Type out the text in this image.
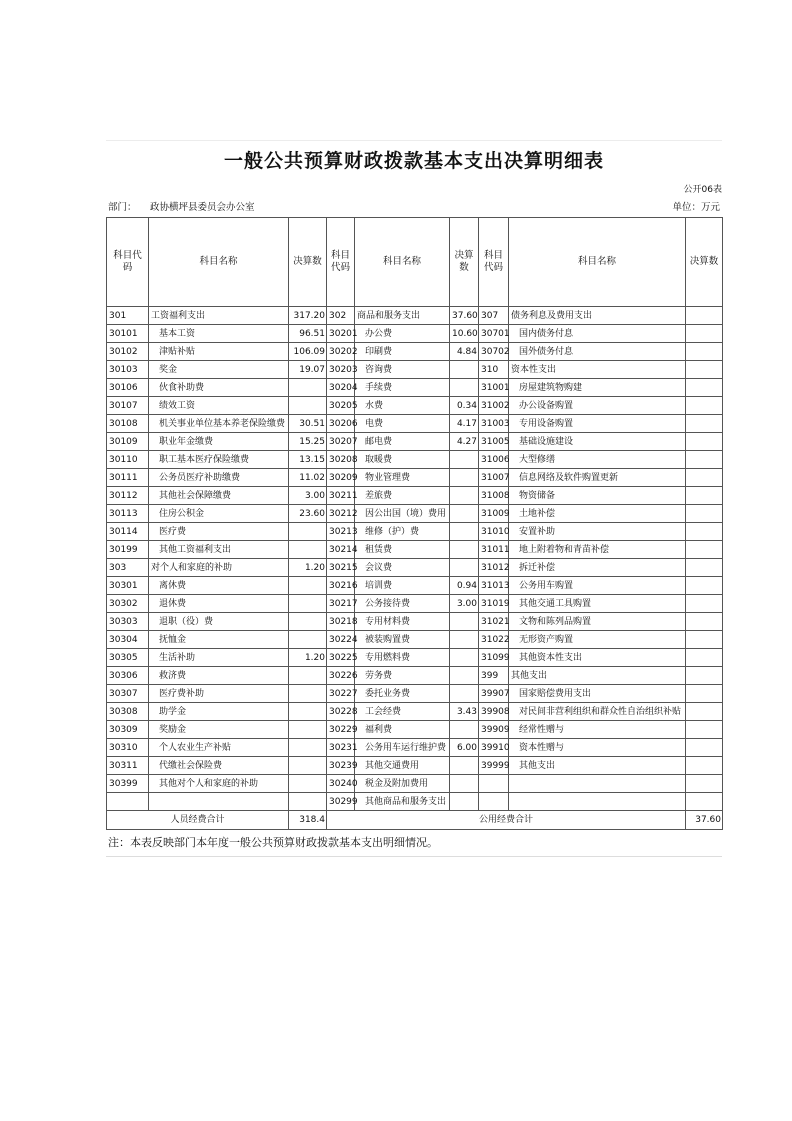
一般公共预算财政拨款基本支出决算明细表
公开06表
部门： 政协横坪县委员会办公室	单位：万元
科目代码	科目名称	决算数	科目代码	科目名称	决算数	科目代码	科目名称	决算数
301	工资福利支出	317.20	302	商品和服务支出	37.60	307	债务利息及费用支出	
30101	基本工资	96.51	30201	办公费	10.60	30701	国内债务付息	
30102	津贴补贴	106.09	30202	印刷费	4.84	30702	国外债务付息	
30103	奖金	19.07	30203	咨询费		310	资本性支出	
30106	伙食补助费		30204	手续费		31001	房屋建筑物购建	
30107	绩效工资		30205	水费	0.34	31002	办公设备购置	
30108	机关事业单位基本养老保险缴费	30.51	30206	电费	4.17	31003	专用设备购置	
30109	职业年金缴费	15.25	30207	邮电费	4.27	31005	基础设施建设	
30110	职工基本医疗保险缴费	13.15	30208	取暖费		31006	大型修缮	
30111	公务员医疗补助缴费	11.02	30209	物业管理费		31007	信息网络及软件购置更新	
30112	其他社会保障缴费	3.00	30211	差旅费		31008	物资储备	
30113	住房公积金	23.60	30212	因公出国（境）费用		31009	土地补偿	
30114	医疗费		30213	维修（护）费		31010	安置补助	
30199	其他工资福利支出		30214	租赁费		31011	地上附着物和青苗补偿	
303	对个人和家庭的补助	1.20	30215	会议费		31012	拆迁补偿	
30301	离休费		30216	培训费	0.94	31013	公务用车购置	
30302	退休费		30217	公务接待费	3.00	31019	其他交通工具购置	
30303	退职（役）费		30218	专用材料费		31021	文物和陈列品购置	
30304	抚恤金		30224	被装购置费		31022	无形资产购置	
30305	生活补助	1.20	30225	专用燃料费		31099	其他资本性支出	
30306	救济费		30226	劳务费		399	其他支出	
30307	医疗费补助		30227	委托业务费		39907	国家赔偿费用支出	
30308	助学金		30228	工会经费	3.43	39908	对民间非营利组织和群众性自治组织补贴	
30309	奖励金		30229	福利费		39909	经常性赠与	
30310	个人农业生产补贴		30231	公务用车运行维护费	6.00	39910	资本性赠与	
30311	代缴社会保险费		30239	其他交通费用		39999	其他支出	
30399	其他对个人和家庭的补助		30240	税金及附加费用				
			30299	其他商品和服务支出				
人员经费合计		318.4	公用经费合计					37.60
注：本表反映部门本年度一般公共预算财政拨款基本支出明细情况。
